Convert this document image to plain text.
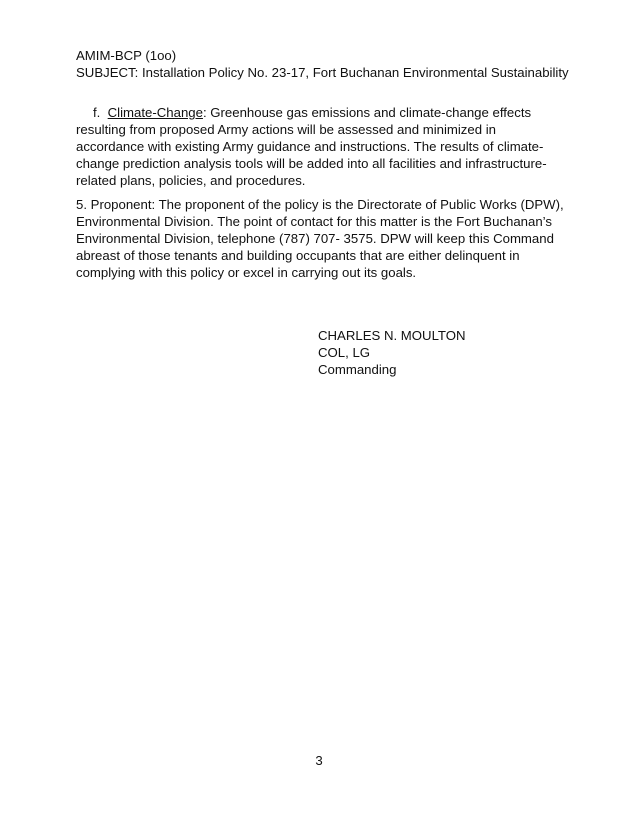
AMIM-BCP (1oo)
SUBJECT: Installation Policy No. 23-17, Fort Buchanan Environmental Sustainability

f. Climate-Change: Greenhouse gas emissions and climate-change effects resulting from proposed Army actions will be assessed and minimized in accordance with existing Army guidance and instructions. The results of climate-change prediction analysis tools will be added into all facilities and infrastructure-related plans, policies, and procedures.

5. Proponent: The proponent of the policy is the Directorate of Public Works (DPW), Environmental Division. The point of contact for this matter is the Fort Buchanan’s Environmental Division, telephone (787) 707- 3575. DPW will keep this Command abreast of those tenants and building occupants that are either delinquent in complying with this policy or excel in carrying out its goals.

CHARLES N. MOULTON
COL, LG
Commanding
3
